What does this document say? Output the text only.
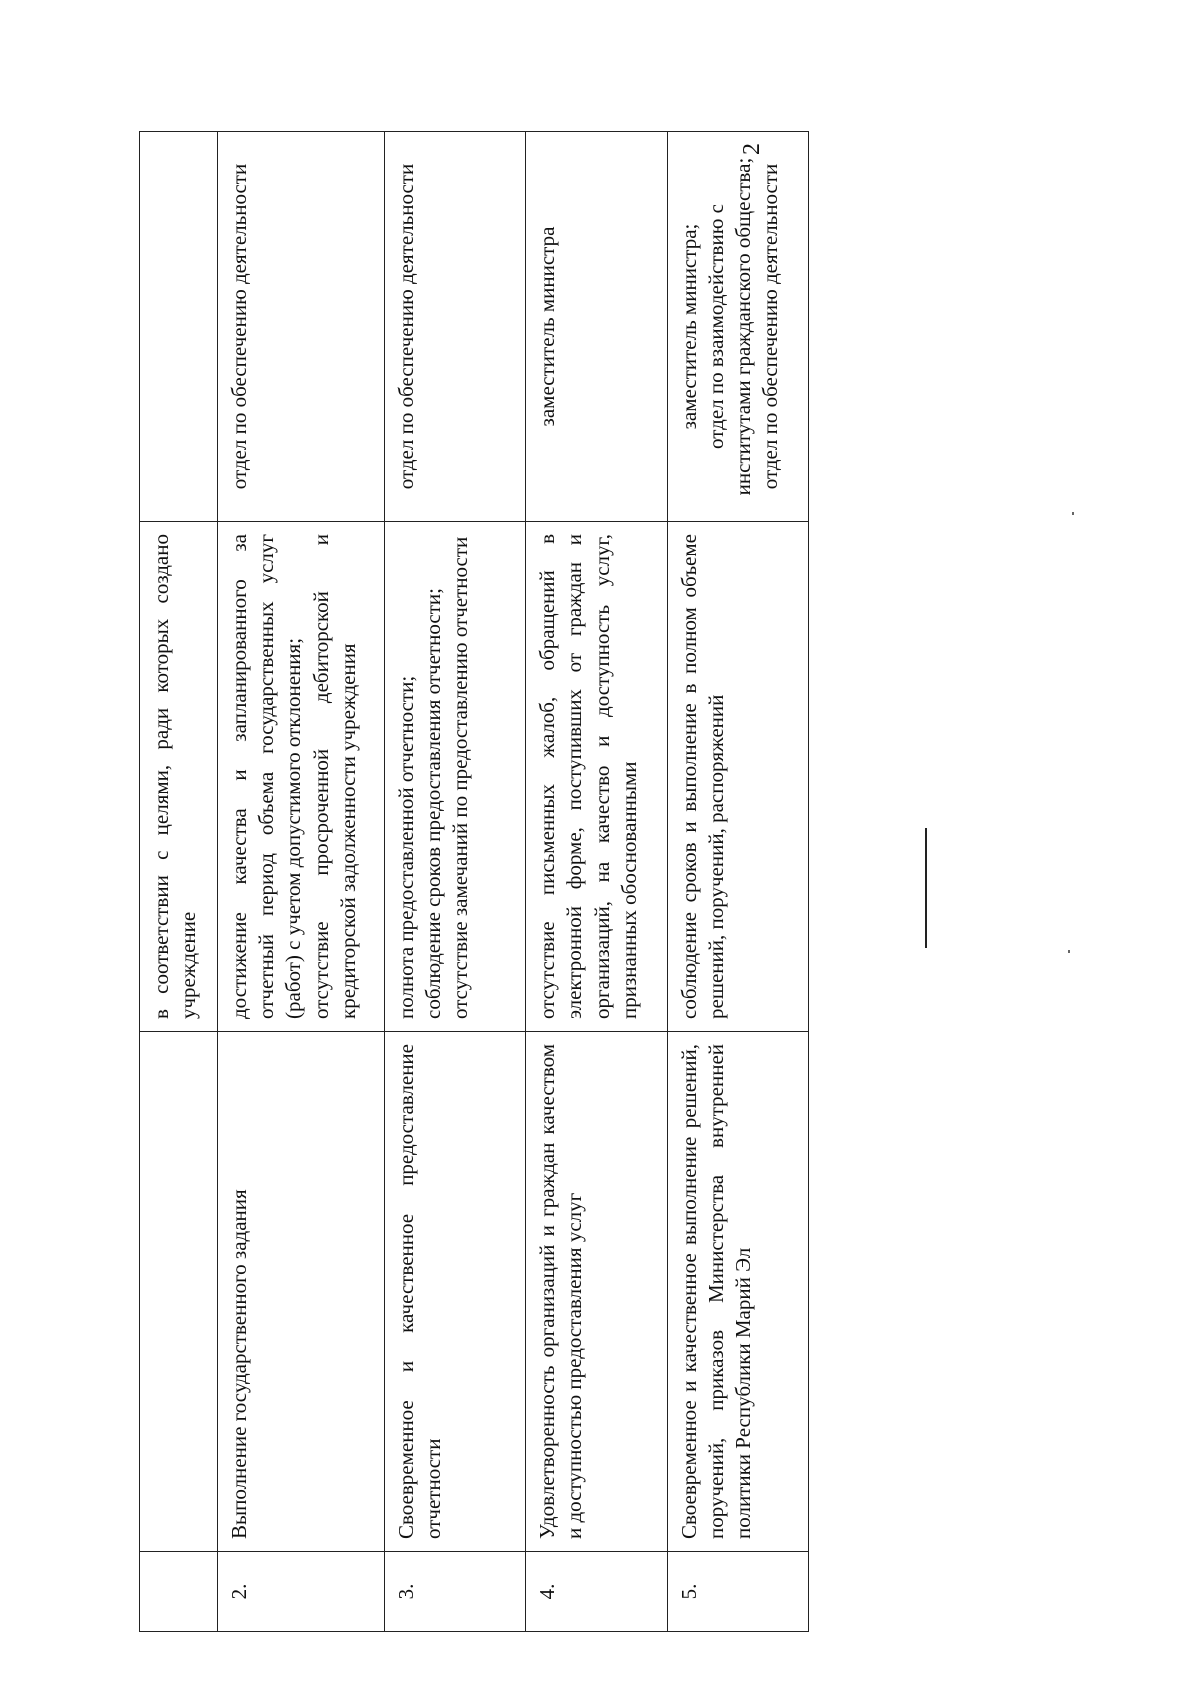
2

		в соответствии с целями, ради которых создано учреждение	

2.	Выполнение государственного задания	достижение качества и запланированного за отчетный период объема государственных услуг (работ) с учетом допустимого отклонения; отсутствие просроченной дебиторской и кредиторской задолженности учреждения	отдел по обеспечению деятельности

3.	Своевременное и качественное предоставление отчетности	полнота предоставленной отчетности; соблюдение сроков предоставления отчетности; отсутствие замечаний по предоставлению отчетности	отдел по обеспечению деятельности

4.	Удовлетворенность организаций и граждан качеством и доступностью предоставления услуг	отсутствие письменных жалоб, обращений в электронной форме, поступивших от граждан и организаций, на качество и доступность услуг, признанных обоснованными	заместитель министра

5.	Своевременное и качественное выполнение решений, поручений, приказов Министерства внутренней политики Республики Марий Эл	соблюдение сроков и выполнение в полном объеме решений, поручений, распоряжений	заместитель министра; отдел по взаимодействию с институтами гражданского общества; отдел по обеспечению деятельности
